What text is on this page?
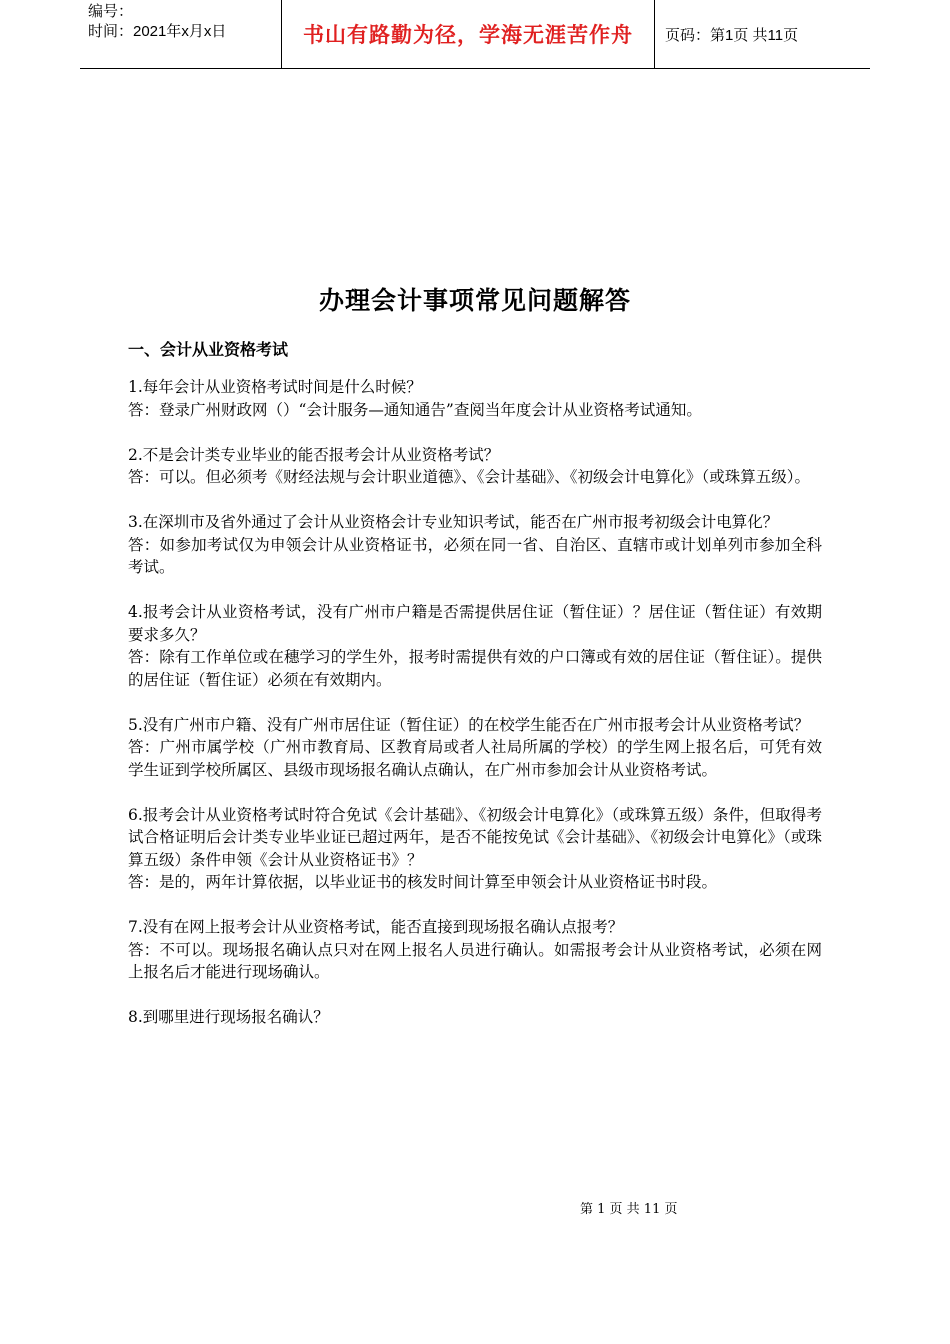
编号：
时间：2021年x月x日	书山有路勤为径，学海无涯苦作舟	页码：第1页 共11页
办理会计事项常见问题解答
一、会计从业资格考试

1.每年会计从业资格考试时间是什么时候？

答：登录广州财政网（）“会计服务—通知通告”查阅当年度会计从业资格考试通知。

2.不是会计类专业毕业的能否报考会计从业资格考试？

答：可以。但必须考《财经法规与会计职业道德》、《会计基础》、《初级会计电算化》（或珠算五级）。

3.在深圳市及省外通过了会计从业资格会计专业知识考试，能否在广州市报考初级会计电算化？

答：如参加考试仅为申领会计从业资格证书，必须在同一省、自治区、直辖市或计划单列市参加全科考试。

4.报考会计从业资格考试，没有广州市户籍是否需提供居住证（暂住证）？居住证（暂住证）有效期要求多久？

答：除有工作单位或在穗学习的学生外，报考时需提供有效的户口簿或有效的居住证（暂住证）。提供的居住证（暂住证）必须在有效期内。

5.没有广州市户籍、没有广州市居住证（暂住证）的在校学生能否在广州市报考会计从业资格考试？

答：广州市属学校（广州市教育局、区教育局或者人社局所属的学校）的学生网上报名后，可凭有效学生证到学校所属区、县级市现场报名确认点确认，在广州市参加会计从业资格考试。

6.报考会计从业资格考试时符合免试《会计基础》、《初级会计电算化》（或珠算五级）条件，但取得考试合格证明后会计类专业毕业证已超过两年，是否不能按免试《会计基础》、《初级会计电算化》（或珠算五级）条件申领《会计从业资格证书》？

答：是的，两年计算依据，以毕业证书的核发时间计算至申领会计从业资格证书时段。

7.没有在网上报考会计从业资格考试，能否直接到现场报名确认点报考？

答：不可以。现场报名确认点只对在网上报名人员进行确认。如需报考会计从业资格考试，必须在网上报名后才能进行现场确认。

8.到哪里进行现场报名确认？

第 1 页 共 11 页
